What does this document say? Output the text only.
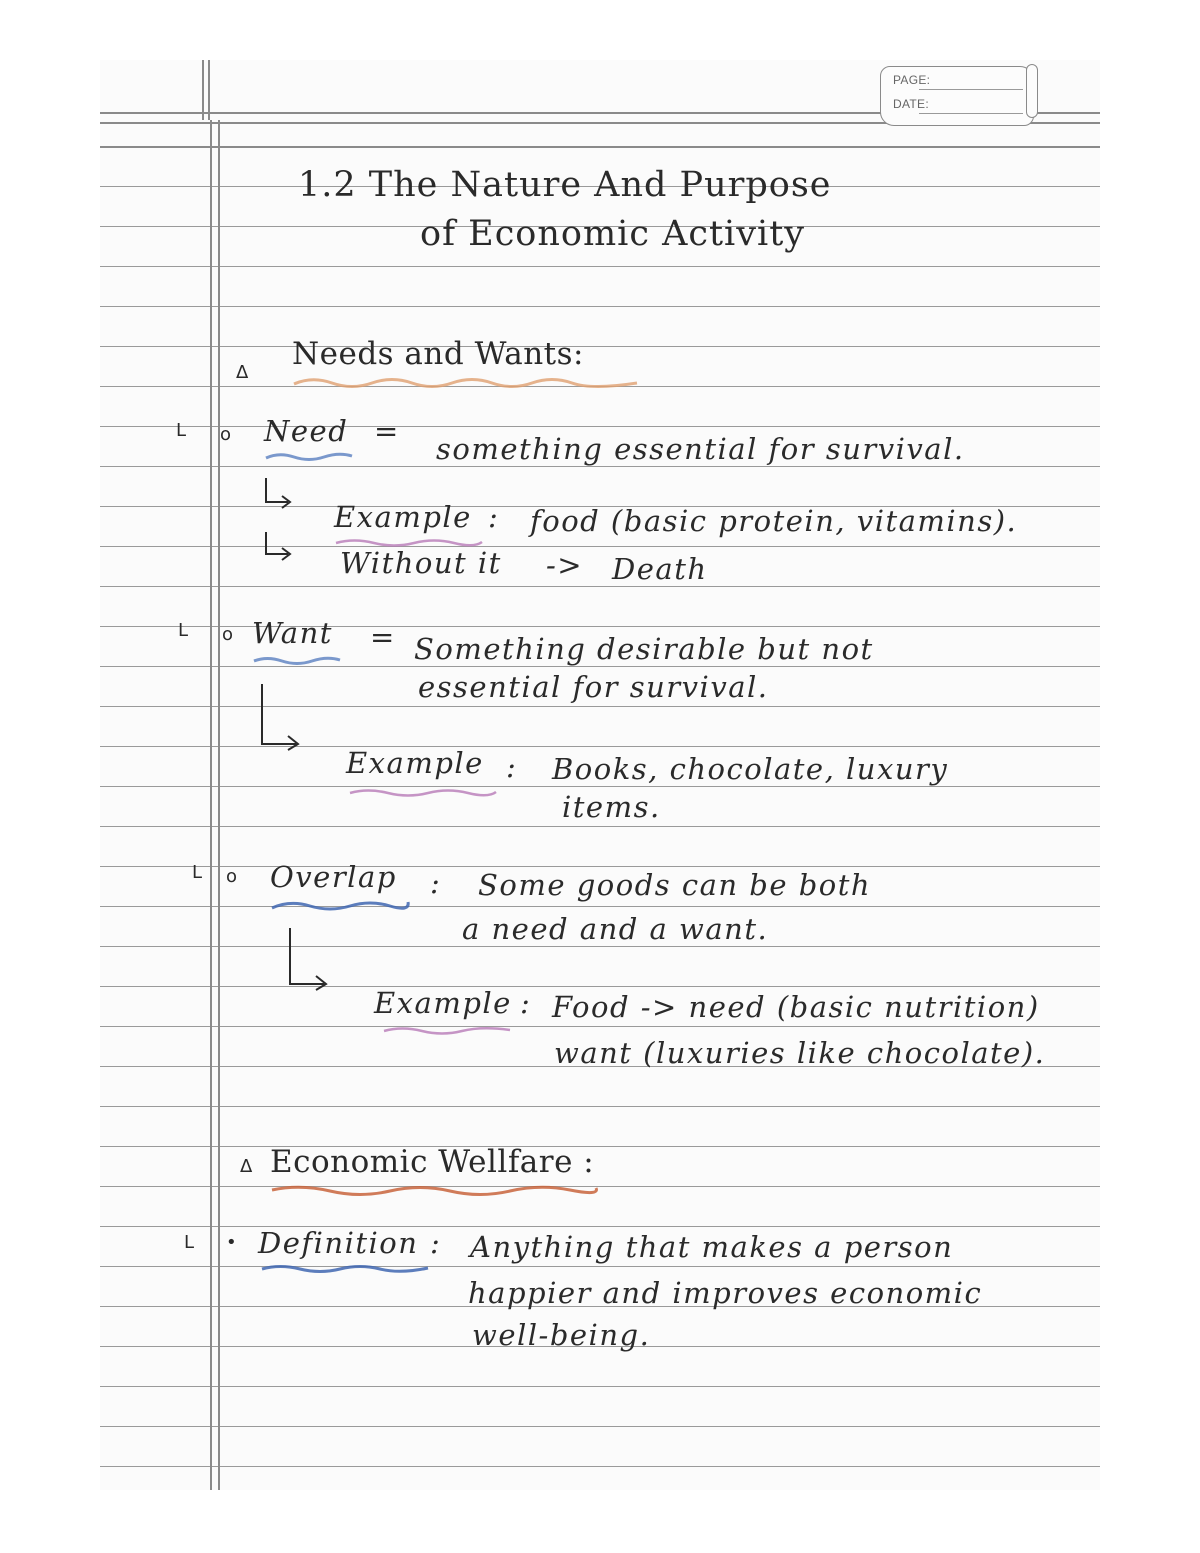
PAGE:
DATE:
1.2 The Nature And Purpose
of Economic Activity
Δ
Needs and Wants:
L o Need =
something essential for survival.
Example : food (basic protein, vitamins).
Without it -> Death
L o Want = Something desirable but not
essential for survival.
Example : Books, chocolate, luxury
items.
L o Overlap : Some goods can be both
a need and a want.
Example : Food -> need (basic nutrition)
want (luxuries like chocolate).
Δ Economic Wellfare :
L • Definition : Anything that makes a person
happier and improves economic
well-being.
